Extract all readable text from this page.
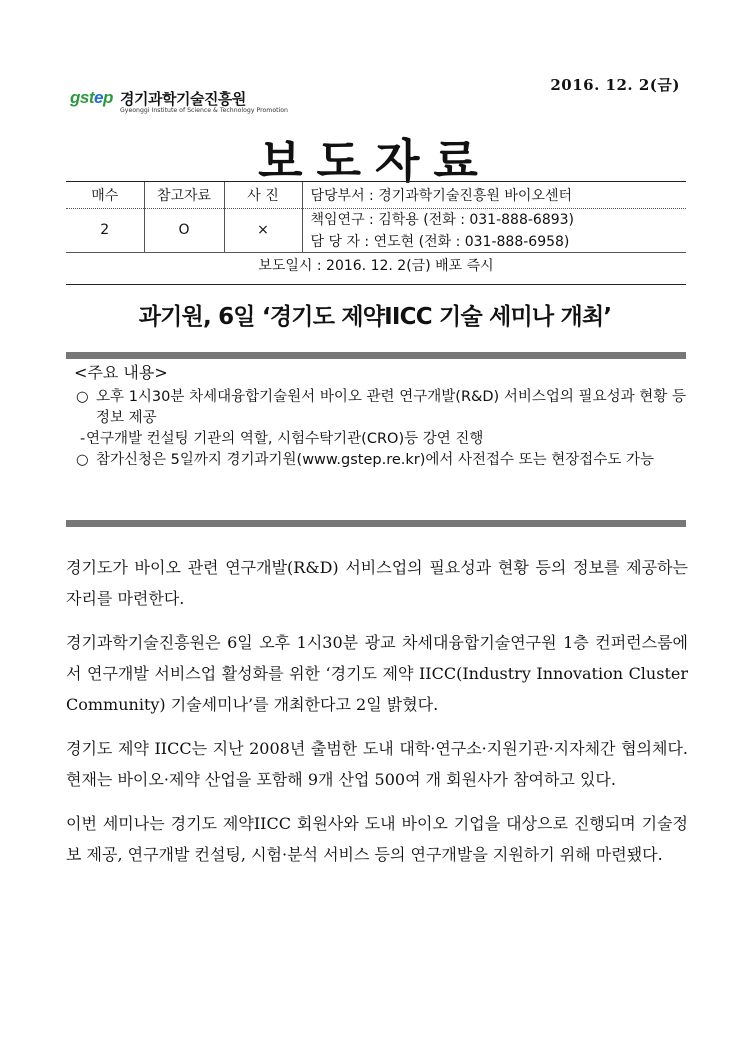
2016. 12. 2(금)
gstep 경기과학기술진흥원
Gyeonggi Institute of Science & Technology Promotion
보도자료
매수	참고자료	사 진	담당부서 : 경기과학기술진흥원 바이오센터
2	O	×	책임연구 : 김학용 (전화 : 031-888-6893)
			담 당 자 : 연도현 (전화 : 031-888-6958)
보도일시 : 2016. 12. 2(금) 배포 즉시			
과기원, 6일 ‘경기도 제약IICC 기술 세미나 개최’
<주요 내용>
○ 오후 1시30분 차세대융합기술원서 바이오 관련 연구개발(R&D) 서비스업의 필요성과 현황 등 정보 제공
- 연구개발 컨설팅 기관의 역할, 시험수탁기관(CRO)등 강연 진행
○ 참가신청은 5일까지 경기과기원(www.gstep.re.kr)에서 사전접수 또는 현장접수도 가능

경기도가 바이오 관련 연구개발(R&D) 서비스업의 필요성과 현황 등의 정보를 제공하는 자리를 마련한다.

경기과학기술진흥원은 6일 오후 1시30분 광교 차세대융합기술연구원 1층 컨퍼런스룸에서 연구개발 서비스업 활성화를 위한 ‘경기도 제약 IICC(Industry Innovation Cluster Community) 기술세미나’를 개최한다고 2일 밝혔다.

경기도 제약 IICC는 지난 2008년 출범한 도내 대학·연구소·지원기관·지자체간 협의체다. 현재는 바이오·제약 산업을 포함해 9개 산업 500여 개 회원사가 참여하고 있다.

이번 세미나는 경기도 제약IICC 회원사와 도내 바이오 기업을 대상으로 진행되며 기술정보 제공, 연구개발 컨설팅, 시험·분석 서비스 등의 연구개발을 지원하기 위해 마련됐다.
